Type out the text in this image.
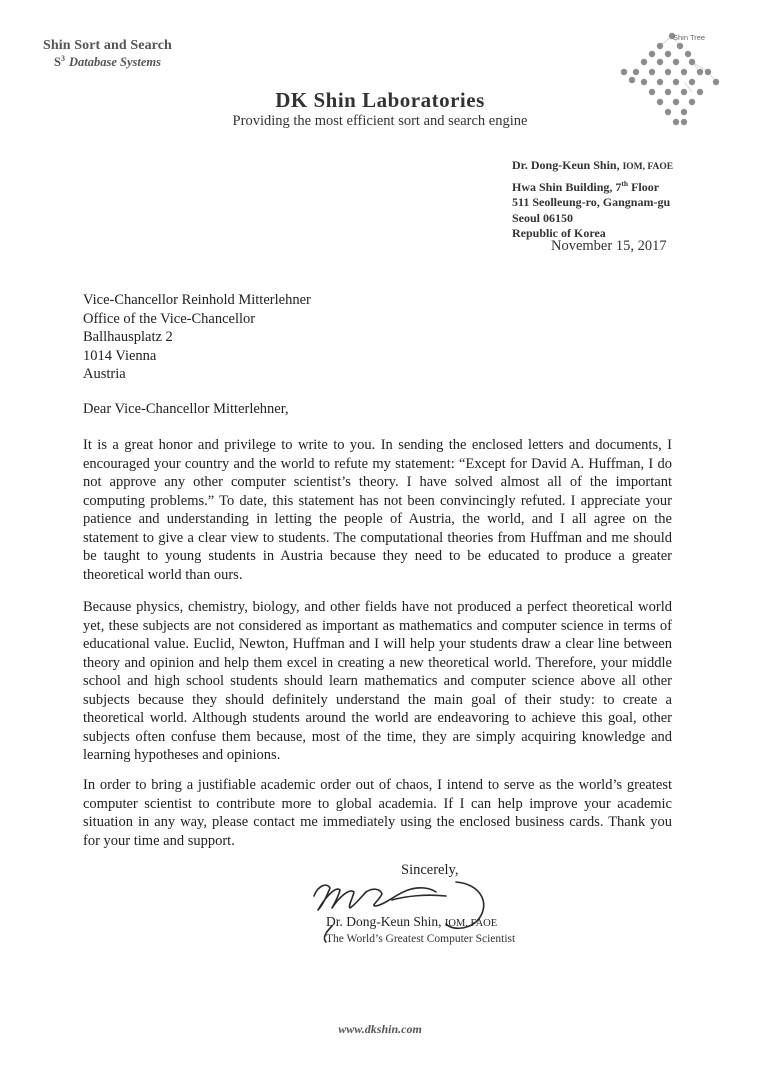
Shin Sort and Search
$S^3$ Database Systems
Shin Tree
DK Shin Laboratories
Providing the most efficient sort and search engine
Dr. Dong-Keun Shin, IOM, FAOE
Hwa Shin Building, 7th Floor
511 Seolleung-ro, Gangnam-gu
Seoul 06150
Republic of Korea
November 15, 2017
Vice-Chancellor Reinhold Mitterlehner
Office of the Vice-Chancellor
Ballhausplatz 2
1014 Vienna
Austria
Dear Vice-Chancellor Mitterlehner,
It is a great honor and privilege to write to you. In sending the enclosed letters and documents, I encouraged your country and the world to refute my statement: “Except for David A. Huffman, I do not approve any other computer scientist’s theory. I have solved almost all of the important computing problems.” To date, this statement has not been convincingly refuted. I appreciate your patience and understanding in letting the people of Austria, the world, and I all agree on the statement to give a clear view to students. The computational theories from Huffman and me should be taught to young students in Austria because they need to be educated to produce a greater theoretical world than ours.
Because physics, chemistry, biology, and other fields have not produced a perfect theoretical world yet, these subjects are not considered as important as mathematics and computer science in terms of educational value. Euclid, Newton, Huffman and I will help your students draw a clear line between theory and opinion and help them excel in creating a new theoretical world. Therefore, your middle school and high school students should learn mathematics and computer science above all other subjects because they should definitely understand the main goal of their study: to create a theoretical world. Although students around the world are endeavoring to achieve this goal, other subjects often confuse them because, most of the time, they are simply acquiring knowledge and learning hypotheses and opinions.
In order to bring a justifiable academic order out of chaos, I intend to serve as the world’s greatest computer scientist to contribute more to global academia. If I can help improve your academic situation in any way, please contact me immediately using the enclosed business cards. Thank you for your time and support.
Sincerely,
Dr. Dong-Keun Shin, IOM, FAOE
The World’s Greatest Computer Scientist
www.dkshin.com
